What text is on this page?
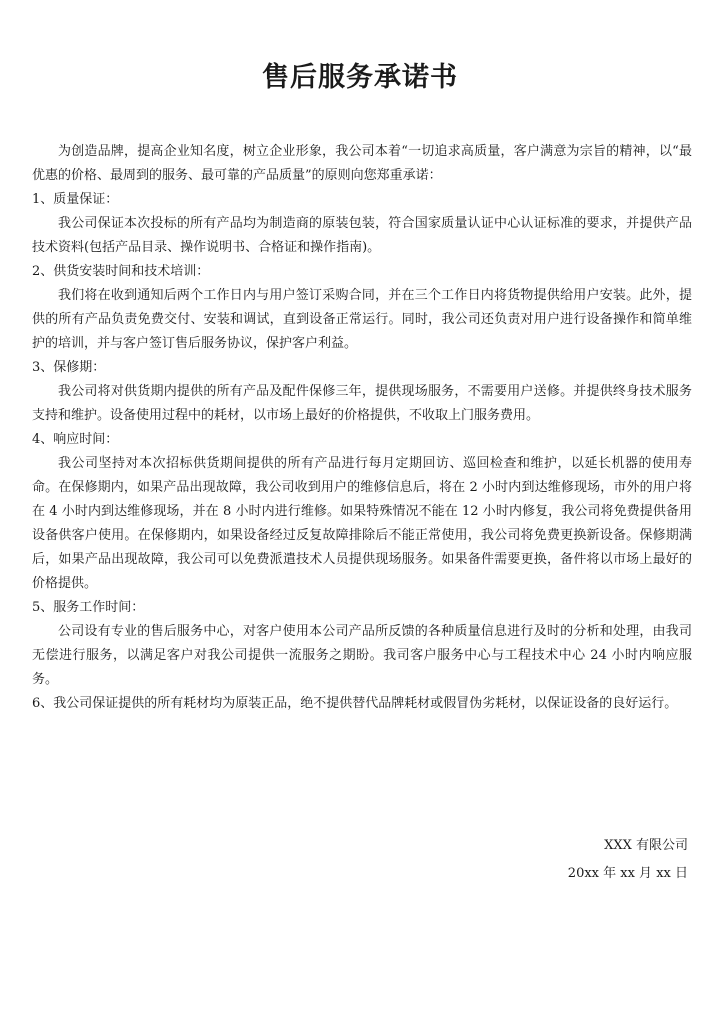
售后服务承诺书

为创造品牌，提高企业知名度，树立企业形象，我公司本着“一切追求高质量，客户满意为宗旨的精神，以“最优惠的价格、最周到的服务、最可靠的产品质量”的原则向您郑重承诺：

1、质量保证：

我公司保证本次投标的所有产品均为制造商的原装包装，符合国家质量认证中心认证标准的要求，并提供产品技术资料(包括产品目录、操作说明书、合格证和操作指南)。

2、供货安装时间和技术培训：

我们将在收到通知后两个工作日内与用户签订采购合同，并在三个工作日内将货物提供给用户安装。此外，提供的所有产品负责免费交付、安装和调试，直到设备正常运行。同时，我公司还负责对用户进行设备操作和简单维护的培训，并与客户签订售后服务协议，保护客户利益。

3、保修期：

我公司将对供货期内提供的所有产品及配件保修三年，提供现场服务，不需要用户送修。并提供终身技术服务支持和维护。设备使用过程中的耗材，以市场上最好的价格提供，不收取上门服务费用。

4、响应时间：

我公司坚持对本次招标供货期间提供的所有产品进行每月定期回访、巡回检查和维护，以延长机器的使用寿命。在保修期内，如果产品出现故障，我公司收到用户的维修信息后，将在 2 小时内到达维修现场，市外的用户将在 4 小时内到达维修现场，并在 8 小时内进行维修。如果特殊情况不能在 12 小时内修复，我公司将免费提供备用设备供客户使用。在保修期内，如果设备经过反复故障排除后不能正常使用，我公司将免费更换新设备。保修期满后，如果产品出现故障，我公司可以免费派遣技术人员提供现场服务。如果备件需要更换，备件将以市场上最好的价格提供。

5、服务工作时间：

公司设有专业的售后服务中心，对客户使用本公司产品所反馈的各种质量信息进行及时的分析和处理，由我司无偿进行服务，以满足客户对我公司提供一流服务之期盼。我司客户服务中心与工程技术中心 24 小时内响应服务。

6、我公司保证提供的所有耗材均为原装正品，绝不提供替代品牌耗材或假冒伪劣耗材，以保证设备的良好运行。

XXX 有限公司
20xx 年 xx 月 xx 日
